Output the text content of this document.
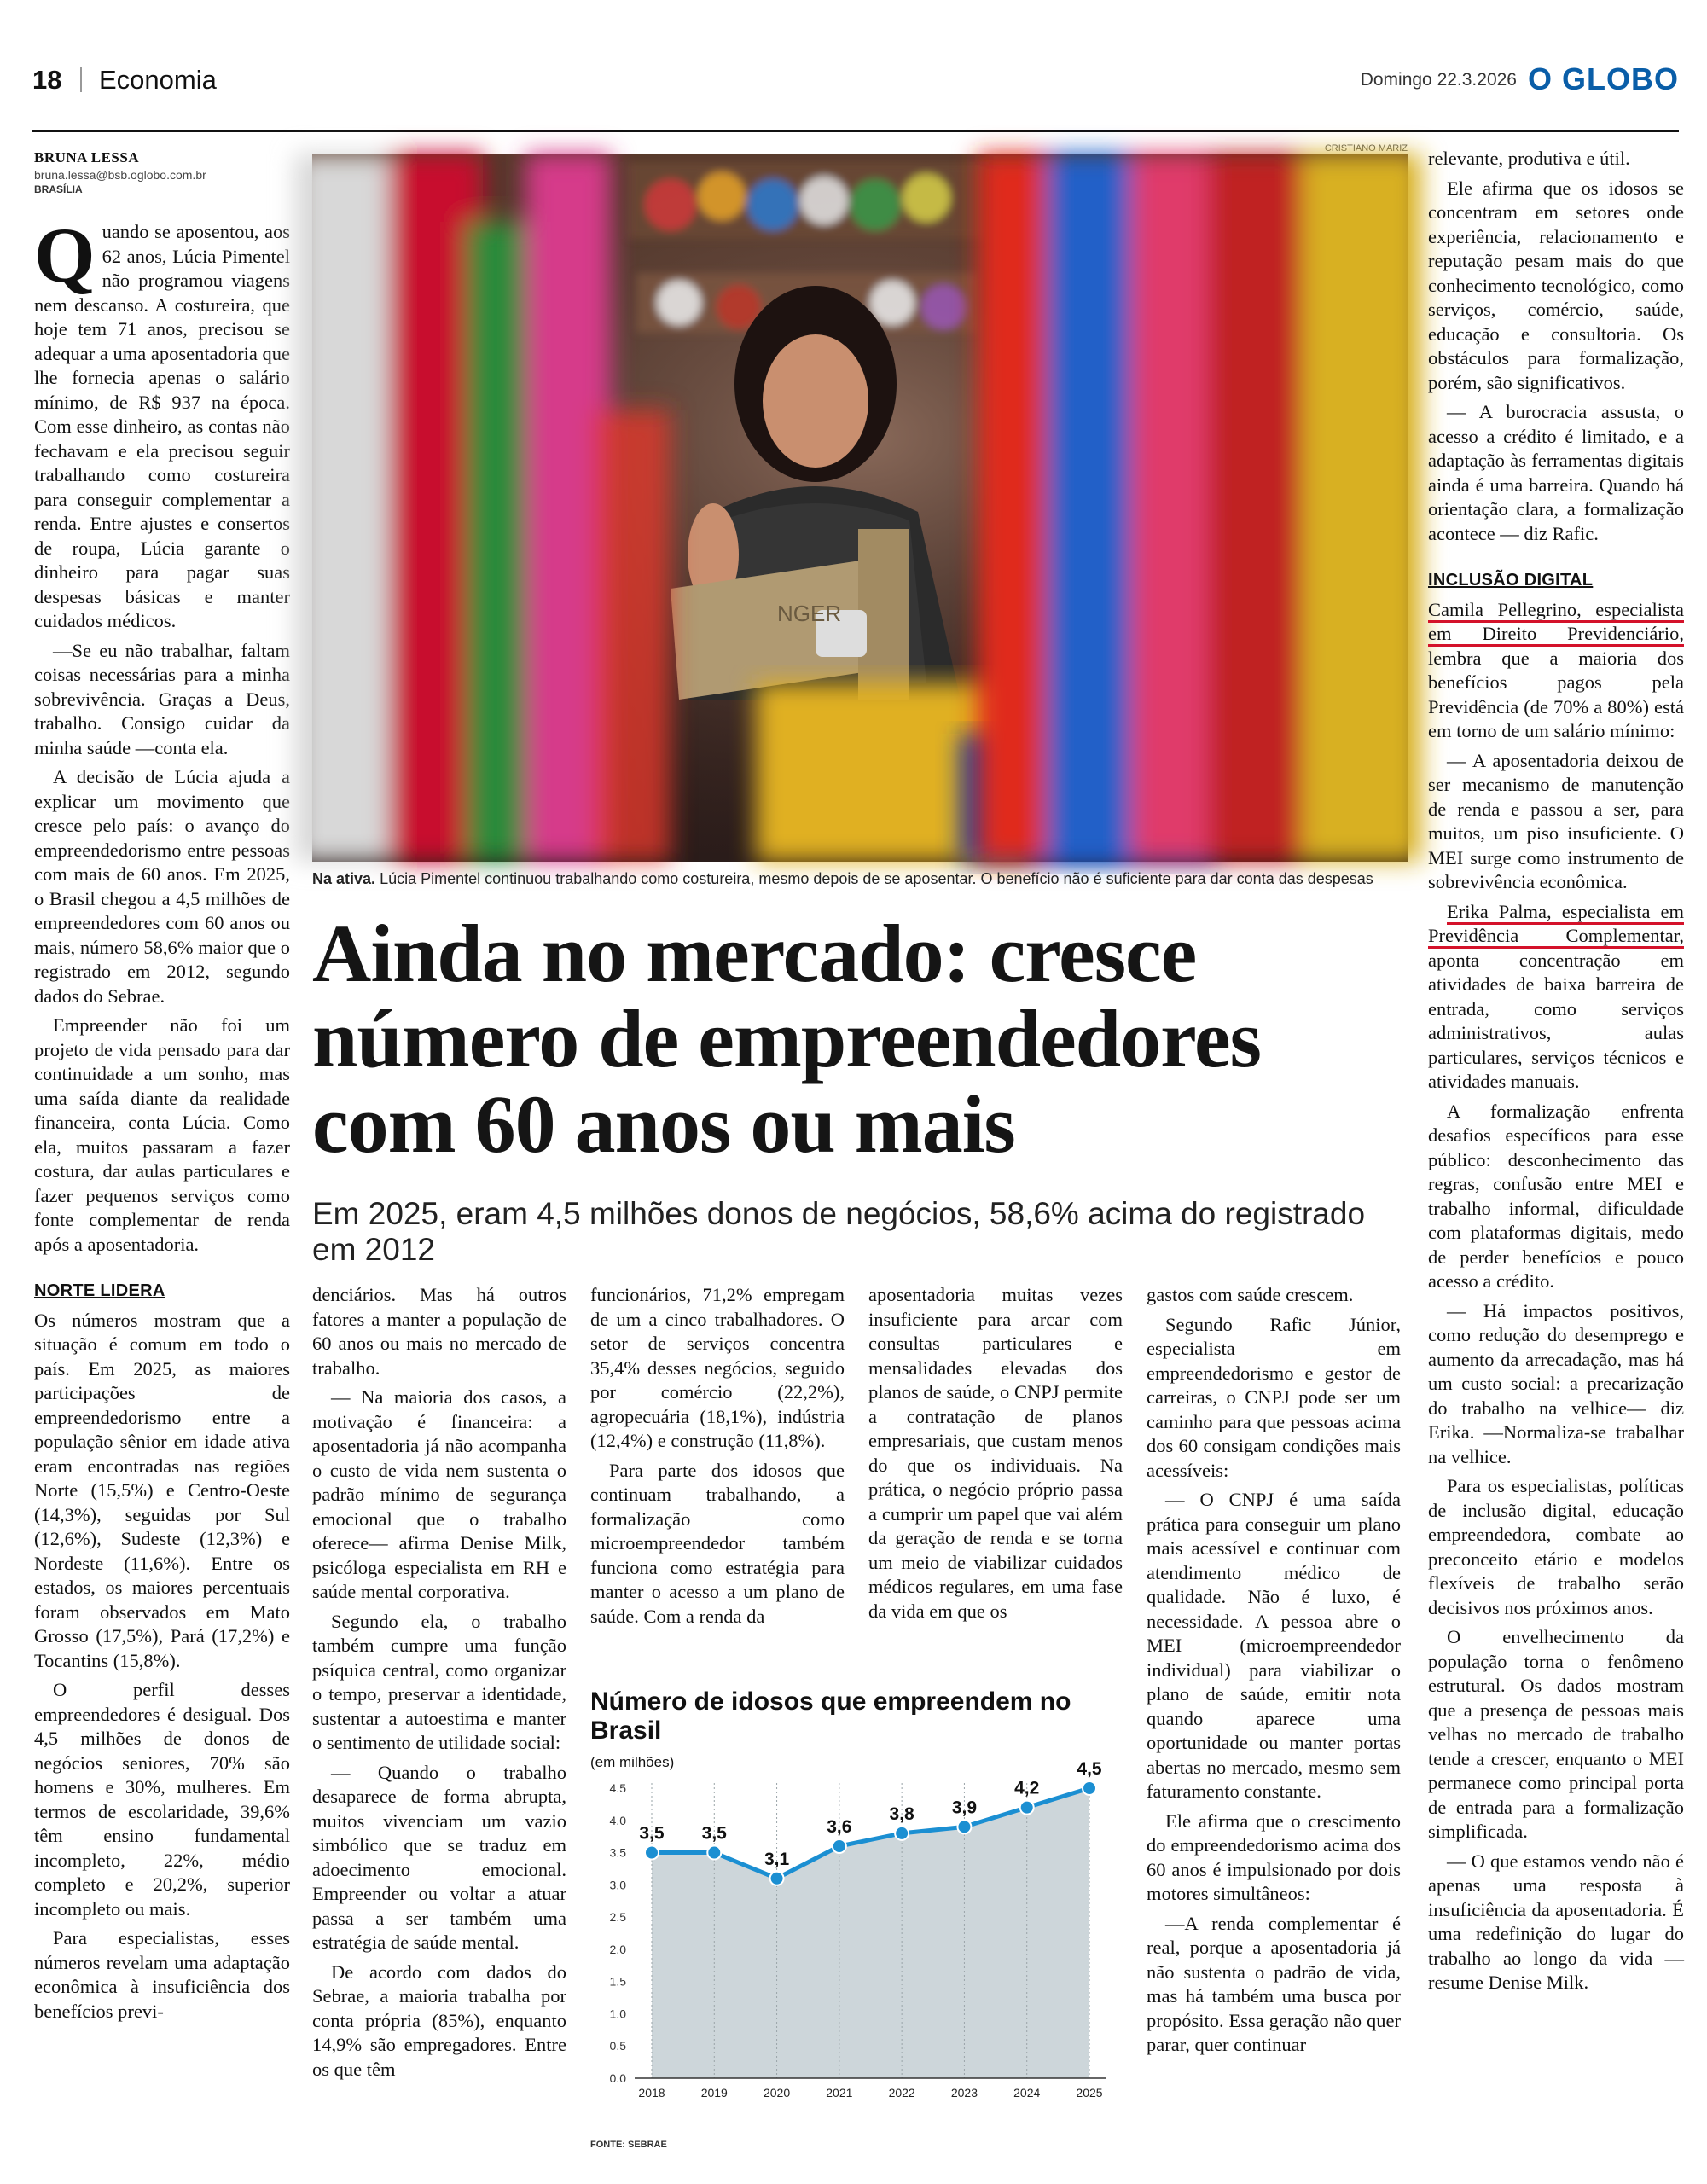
18 Economia	Domingo 22.3.2026 O GLOBO
BRUNA LESSA
bruna.lessa@bsb.oglobo.com.br
BRASÍLIA

Quando se aposentou, aos 62 anos, Lúcia Pimentel não programou viagens nem descanso. A costureira, que hoje tem 71 anos, precisou se adequar a uma aposentadoria que lhe fornecia apenas o salário mínimo, de R$ 937 na época. Com esse dinheiro, as contas não fechavam e ela precisou seguir trabalhando como costureira para conseguir complementar a renda. Entre ajustes e consertos de roupa, Lúcia garante o dinheiro para pagar suas despesas básicas e manter cuidados médicos.

—Se eu não trabalhar, faltam coisas necessárias para a minha sobrevivência. Graças a Deus, trabalho. Consigo cuidar da minha saúde —conta ela.

A decisão de Lúcia ajuda a explicar um movimento que cresce pelo país: o avanço do empreendedorismo entre pessoas com mais de 60 anos. Em 2025, o Brasil chegou a 4,5 milhões de empreendedores com 60 anos ou mais, número 58,6% maior que o registrado em 2012, segundo dados do Sebrae.

Empreender não foi um projeto de vida pensado para dar continuidade a um sonho, mas uma saída diante da realidade financeira, conta Lúcia. Como ela, muitos passaram a fazer costura, dar aulas particulares e fazer pequenos serviços como fonte complementar de renda após a aposentadoria.

NORTE LIDERA

Os números mostram que a situação é comum em todo o país. Em 2025, as maiores participações de empreendedorismo entre a população sênior em idade ativa eram encontradas nas regiões Norte (15,5%) e Centro-Oeste (14,3%), seguidas por Sul (12,6%), Sudeste (12,3%) e Nordeste (11,6%). Entre os estados, os maiores percentuais foram observados em Mato Grosso (17,5%), Pará (17,2%) e Tocantins (15,8%).

O perfil desses empreendedores é desigual. Dos 4,5 milhões de donos de negócios seniores, 70% são homens e 30%, mulheres. Em termos de escolaridade, 39,6% têm ensino fundamental incompleto, 22%, médio completo e 20,2%, superior incompleto ou mais.

Para especialistas, esses números revelam uma adaptação econômica à insuficiência dos benefícios previ-

CRISTIANO MARIZ
NGER
Na ativa. Lúcia Pimentel continuou trabalhando como costureira, mesmo depois de se aposentar. O benefício não é suficiente para dar conta das despesas
Ainda no mercado: cresce número de empreendedores com 60 anos ou mais
Em 2025, eram 4,5 milhões donos de negócios, 58,6% acima do registrado em 2012

denciários. Mas há outros fatores a manter a população de 60 anos ou mais no mercado de trabalho.

— Na maioria dos casos, a motivação é financeira: a aposentadoria já não acompanha o custo de vida nem sustenta o padrão mínimo de segurança emocional que o trabalho oferece— afirma Denise Milk, psicóloga especialista em RH e saúde mental corporativa.

Segundo ela, o trabalho também cumpre uma função psíquica central, como organizar o tempo, preservar a identidade, sustentar a autoestima e manter o sentimento de utilidade social:

— Quando o trabalho desaparece de forma abrupta, muitos vivenciam um vazio simbólico que se traduz em adoecimento emocional. Empreender ou voltar a atuar passa a ser também uma estratégia de saúde mental.

De acordo com dados do Sebrae, a maioria trabalha por conta própria (85%), enquanto 14,9% são empregadores. Entre os que têm

funcionários, 71,2% empregam de um a cinco trabalhadores. O setor de serviços concentra 35,4% desses negócios, seguido por comércio (22,2%), agropecuária (18,1%), indústria (12,4%) e construção (11,8%).

Para parte dos idosos que continuam trabalhando, a formalização como microempreendedor também funciona como estratégia para manter o acesso a um plano de saúde. Com a renda da

aposentadoria muitas vezes insuficiente para arcar com consultas particulares e mensalidades elevadas dos planos de saúde, o CNPJ permite a contratação de planos empresariais, que custam menos do que os individuais. Na prática, o negócio próprio passa a cumprir um papel que vai além da geração de renda e se torna um meio de viabilizar cuidados médicos regulares, em uma fase da vida em que os

gastos com saúde crescem.

Segundo Rafic Júnior, especialista em empreendedorismo e gestor de carreiras, o CNPJ pode ser um caminho para que pessoas acima dos 60 consigam condições mais acessíveis:

— O CNPJ é uma saída prática para conseguir um plano mais acessível e continuar com atendimento médico de qualidade. Não é luxo, é necessidade. A pessoa abre o MEI (microempreendedor individual) para viabilizar o plano de saúde, emitir nota quando aparece uma oportunidade ou manter portas abertas no mercado, mesmo sem faturamento constante.

Ele afirma que o crescimento do empreendedorismo acima dos 60 anos é impulsionado por dois motores simultâneos:

—A renda complementar é real, porque a aposentadoria já não sustenta o padrão de vida, mas há também uma busca por propósito. Essa geração não quer parar, quer continuar

Número de idosos que empreendem no Brasil
(em milhões)
0.0
0.5
1.0
1.5
2.0
2.5
3.0
3.5
4.0
4.5
3,5
2018
3,5
2019
3,1
2020
3,6
2021
3,8
2022
3,9
2023
4,2
2024
4,5
2025
FONTE: SEBRAE

relevante, produtiva e útil.

Ele afirma que os idosos se concentram em setores onde experiência, relacionamento e reputação pesam mais do que conhecimento tecnológico, como serviços, comércio, saúde, educação e consultoria. Os obstáculos para formalização, porém, são significativos.

— A burocracia assusta, o acesso a crédito é limitado, e a adaptação às ferramentas digitais ainda é uma barreira. Quando há orientação clara, a formalização acontece — diz Rafic.

INCLUSÃO DIGITAL

Camila Pellegrino, especialista em Direito Previdenciário, lembra que a maioria dos benefícios pagos pela Previdência (de 70% a 80%) está em torno de um salário mínimo:

— A aposentadoria deixou de ser mecanismo de manutenção de renda e passou a ser, para muitos, um piso insuficiente. O MEI surge como instrumento de sobrevivência econômica.

Erika Palma, especialista em Previdência Complementar, aponta concentração em atividades de baixa barreira de entrada, como serviços administrativos, aulas particulares, serviços técnicos e atividades manuais.

A formalização enfrenta desafios específicos para esse público: desconhecimento das regras, confusão entre MEI e trabalho informal, dificuldade com plataformas digitais, medo de perder benefícios e pouco acesso a crédito.

— Há impactos positivos, como redução do desemprego e aumento da arrecadação, mas há um custo social: a precarização do trabalho na velhice— diz Erika. —Normaliza-se trabalhar na velhice.

Para os especialistas, políticas de inclusão digital, educação empreendedora, combate ao preconceito etário e modelos flexíveis de trabalho serão decisivos nos próximos anos.

O envelhecimento da população torna o fenômeno estrutural. Os dados mostram que a presença de pessoas mais velhas no mercado de trabalho tende a crescer, enquanto o MEI permanece como principal porta de entrada para a formalização simplificada.

— O que estamos vendo não é apenas uma resposta à insuficiência da aposentadoria. É uma redefinição do lugar do trabalho ao longo da vida —resume Denise Milk.
